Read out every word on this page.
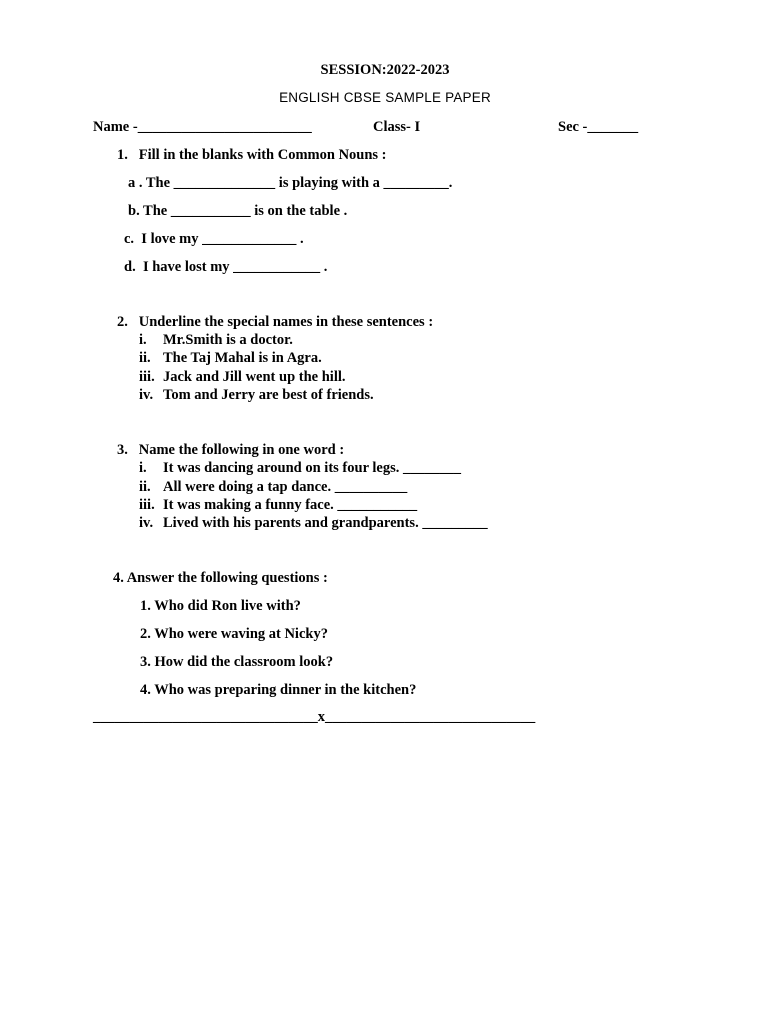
SESSION:2022-2023
ENGLISH CBSE SAMPLE PAPER
Name -________________________	Class- I	Sec -_______
1.   Fill in the blanks with Common Nouns :
a . The ______________ is playing with a _________.
b. The ___________ is on the table .
c.  I love my _____________ .
d.  I have lost my ____________ .
2.   Underline the special names in these sentences :
i. Mr.Smith is a doctor.
ii. The Taj Mahal is in Agra.
iii. Jack and Jill went up the hill.
iv. Tom and Jerry are best of friends.
3.   Name the following in one word :
i. It was dancing around on its four legs. ________
ii. All were doing a tap dance. __________
iii. It was making a funny face. ___________
iv. Lived with his parents and grandparents. _________
4. Answer the following questions :
1. Who did Ron live with?
2. Who were waving at Nicky?
3. How did the classroom look?
4. Who was preparing dinner in the kitchen?
_______________________________x_____________________________
